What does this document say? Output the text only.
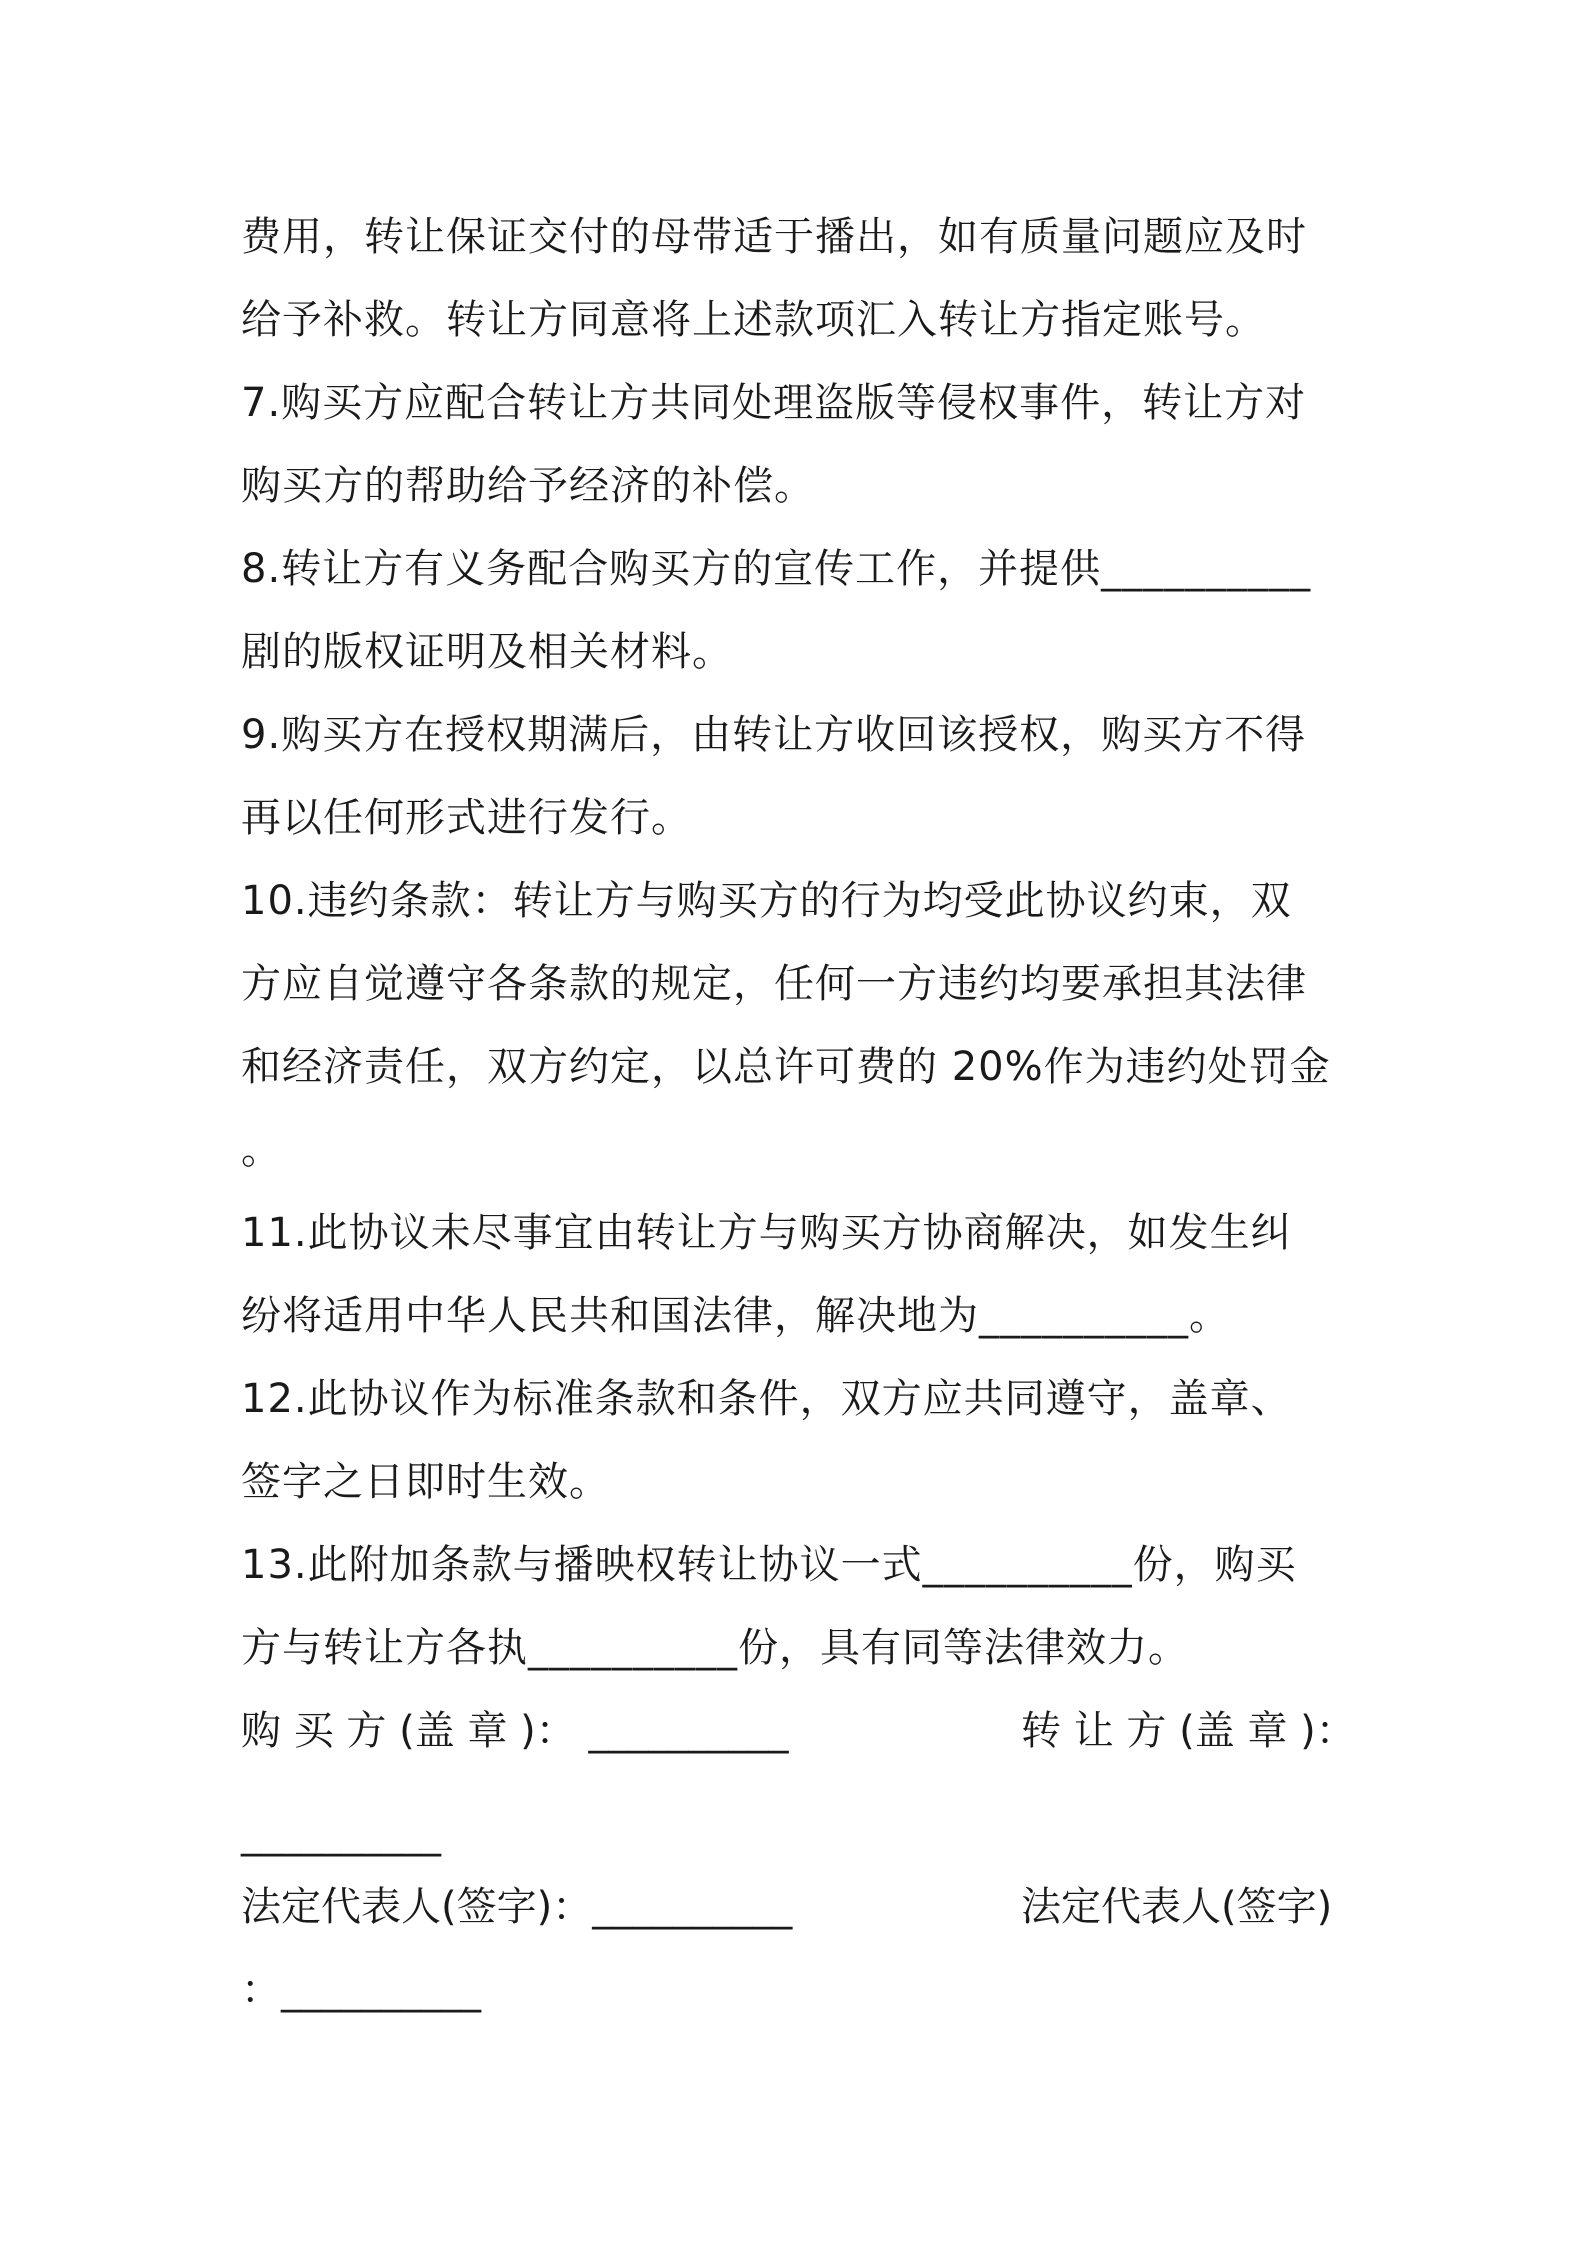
费用，转让保证交付的母带适于播出，如有质量问题应及时
给予补救。转让方同意将上述款项汇入转让方指定账号。
7.购买方应配合转让方共同处理盗版等侵权事件，转让方对
购买方的帮助给予经济的补偿。
8.转让方有义务配合购买方的宣传工作，并提供__________
剧的版权证明及相关材料。
9.购买方在授权期满后，由转让方收回该授权，购买方不得
再以任何形式进行发行。
10.违约条款：转让方与购买方的行为均受此协议约束，双
方应自觉遵守各条款的规定，任何一方违约均要承担其法律
和经济责任，双方约定，以总许可费的 20%作为违约处罚金
。
11.此协议未尽事宜由转让方与购买方协商解决，如发生纠
纷将适用中华人民共和国法律，解决地为__________。
12.此协议作为标准条款和条件，双方应共同遵守，盖章、
签字之日即时生效。
13.此附加条款与播映权转让协议一式__________份，购买
方与转让方各执__________份，具有同等法律效力。
购 买 方 (盖 章 )： __________	转 让 方 (盖 章 )：
__________
法定代表人(签字)：__________	法定代表人(签字)
：__________
